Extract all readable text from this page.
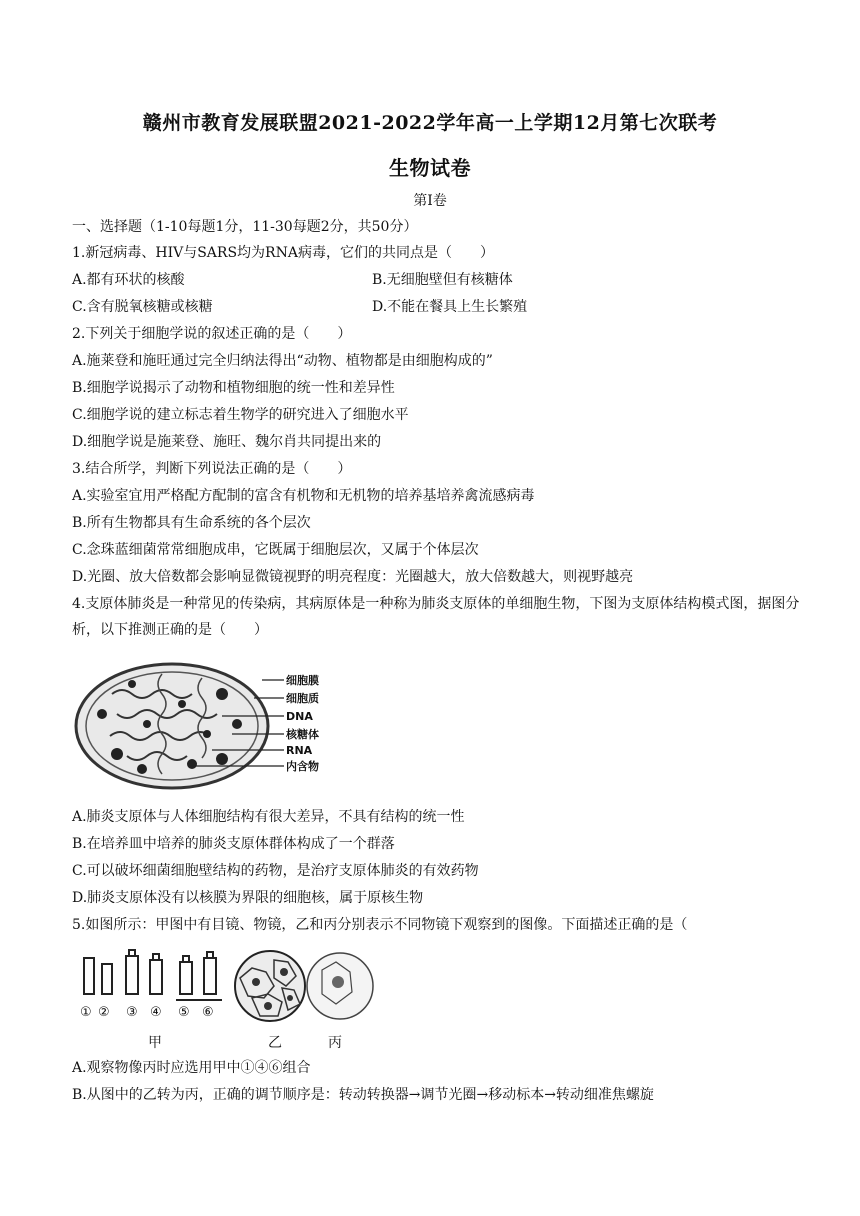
赣州市教育发展联盟2021-2022学年高一上学期12月第七次联考
生物试卷
第Ⅰ卷
一、选择题（1-10每题1分，11-30每题2分，共50分）
1.新冠病毒、HIV与SARS均为RNA病毒，它们的共同点是（　　）
A.都有环状的核酸	B.无细胞壁但有核糖体
C.含有脱氧核糖或核糖	D.不能在餐具上生长繁殖
2.下列关于细胞学说的叙述正确的是（　　）
A.施莱登和施旺通过完全归纳法得出“动物、植物都是由细胞构成的”
B.细胞学说揭示了动物和植物细胞的统一性和差异性
C.细胞学说的建立标志着生物学的研究进入了细胞水平
D.细胞学说是施莱登、施旺、魏尔肖共同提出来的
3.结合所学，判断下列说法正确的是（　　）
A.实验室宜用严格配方配制的富含有机物和无机物的培养基培养禽流感病毒
B.所有生物都具有生命系统的各个层次
C.念珠蓝细菌常常细胞成串，它既属于细胞层次，又属于个体层次
D.光圈、放大倍数都会影响显微镜视野的明亮程度：光圈越大，放大倍数越大，则视野越亮
4.支原体肺炎是一种常见的传染病，其病原体是一种称为肺炎支原体的单细胞生物，下图为支原体结构模式图，据图分析，以下推测正确的是（　　）
细胞膜
细胞质
DNA
核糖体
RNA
内含物
A.肺炎支原体与人体细胞结构有很大差异，不具有结构的统一性
B.在培养皿中培养的肺炎支原体群体构成了一个群落
C.可以破坏细菌细胞壁结构的药物，是治疗支原体肺炎的有效药物
D.肺炎支原体没有以核膜为界限的细胞核，属于原核生物
5.如图所示：甲图中有目镜、物镜，乙和丙分别表示不同物镜下观察到的图像。下面描述正确的是（
① ② ③ ④ ⑤ ⑥
甲	乙	丙
A.观察物像丙时应选用甲中①④⑥组合
B.从图中的乙转为丙，正确的调节顺序是：转动转换器→调节光圈→移动标本→转动细准焦螺旋
